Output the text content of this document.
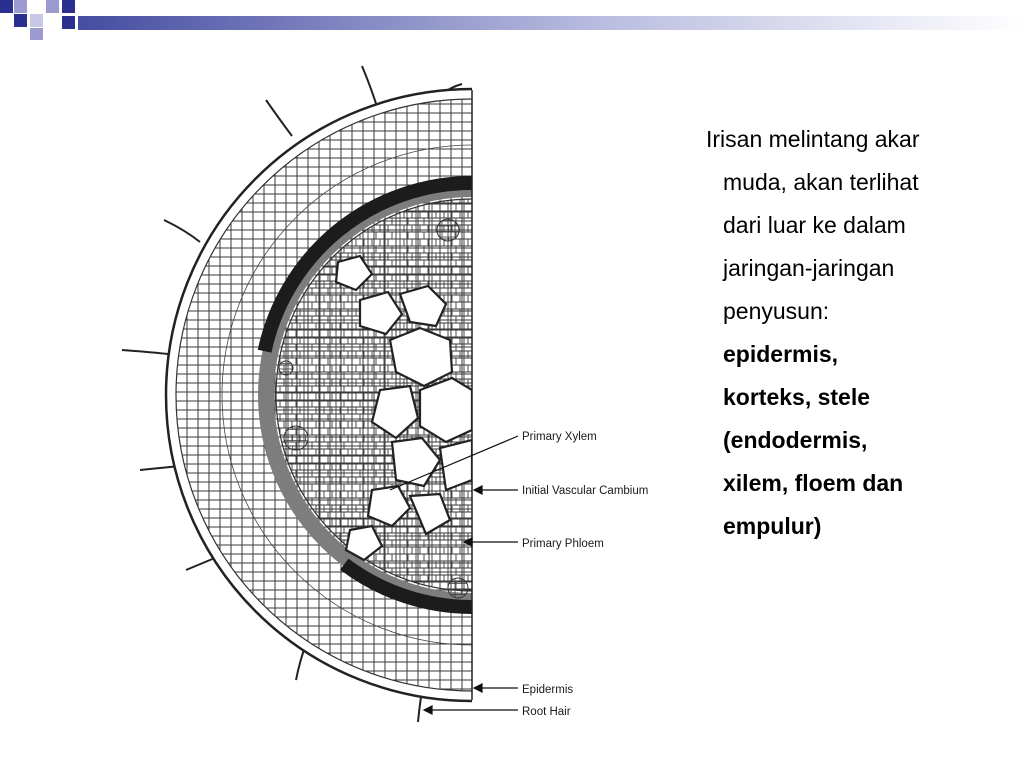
Primary Xylem
Initial Vascular Cambium
Primary Phloem
Epidermis
Root Hair
Irisan melintang akar
muda, akan terlihat
dari luar ke dalam
jaringan-jaringan
penyusun:
epidermis,
korteks, stele
(endodermis,
xilem, floem dan
empulur)
